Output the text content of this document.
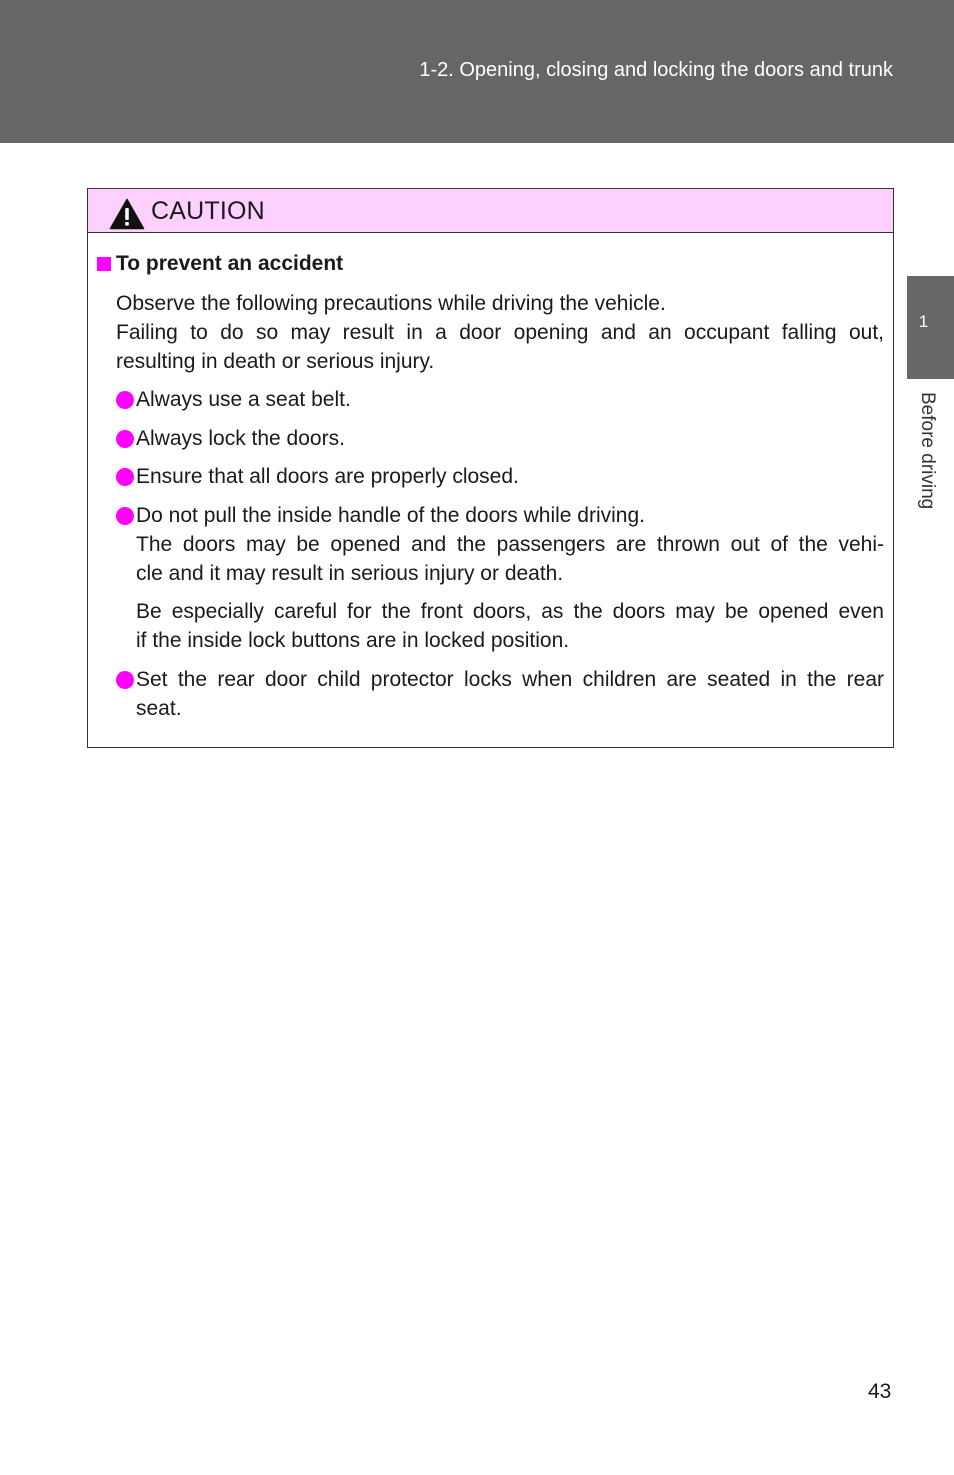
1-2. Opening, closing and locking the doors and trunk
1
Before driving
CAUTION
To prevent an accident
Observe the following precautions while driving the vehicle.
Failing to do so may result in a door opening and an occupant falling out,
resulting in death or serious injury.
Always use a seat belt.
Always lock the doors.
Ensure that all doors are properly closed.
Do not pull the inside handle of the doors while driving.
The doors may be opened and the passengers are thrown out of the vehi-
cle and it may result in serious injury or death.
Be especially careful for the front doors, as the doors may be opened even
if the inside lock buttons are in locked position.
Set the rear door child protector locks when children are seated in the rear
seat.
43
